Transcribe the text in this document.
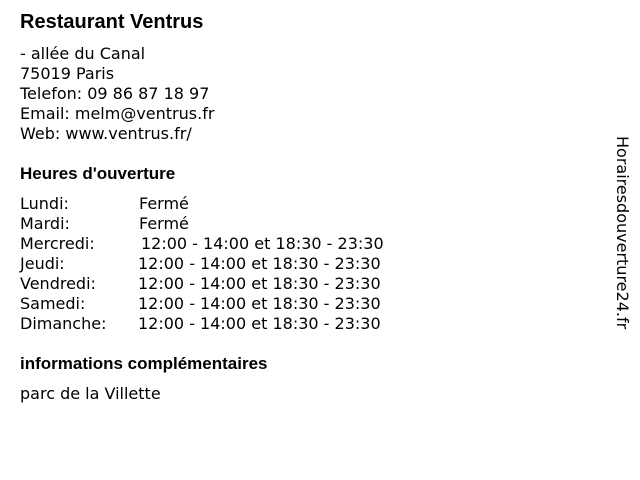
Restaurant Ventrus
- allée du Canal
75019 Paris
Telefon: 09 86 87 18 97
Email: melm@ventrus.fr
Web: www.ventrus.fr/
Heures d'ouverture
Lundi:	Fermé
Mardi:	Fermé
Mercredi:	12:00 - 14:00 et 18:30 - 23:30
Jeudi:	12:00 - 14:00 et 18:30 - 23:30
Vendredi:	12:00 - 14:00 et 18:30 - 23:30
Samedi:	12:00 - 14:00 et 18:30 - 23:30
Dimanche: 12:00 - 14:00 et 18:30 - 23:30
informations complémentaires
parc de la Villette
Horairesdouverture24.fr
